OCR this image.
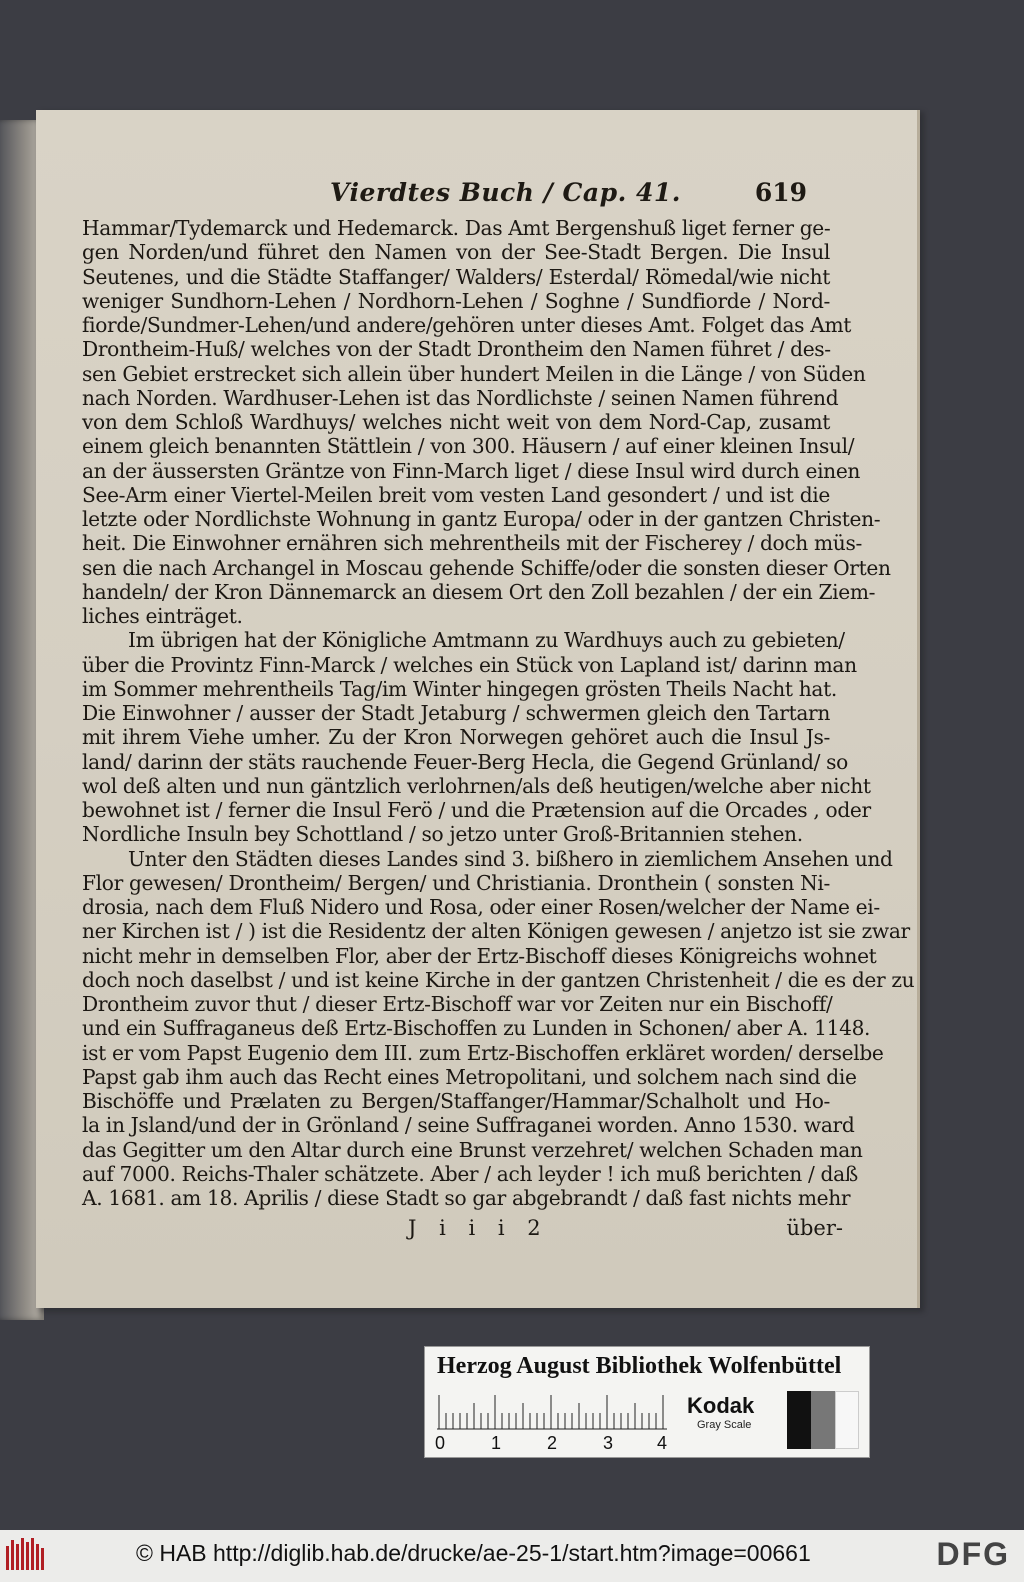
Vierdtes Buch / Cap. 41.	619
Hammar/Tydemarck und Hedemarck. Das Amt Bergenshuß liget ferner ge-
gen Norden/und führet den Namen von der See-Stadt Bergen. Die Insul
Seutenes, und die Städte Staffanger/ Walders/ Esterdal/ Römedal/wie nicht
weniger Sundhorn-Lehen / Nordhorn-Lehen / Soghne / Sundfiorde / Nord-
fiorde/Sundmer-Lehen/und andere/gehören unter dieses Amt. Folget das Amt
Drontheim-Huß/ welches von der Stadt Drontheim den Namen führet / des-
sen Gebiet erstrecket sich allein über hundert Meilen in die Länge / von Süden
nach Norden. Wardhuser-Lehen ist das Nordlichste / seinen Namen führend
von dem Schloß Wardhuys/ welches nicht weit von dem Nord-Cap, zusamt
einem gleich benannten Stättlein / von 300. Häusern / auf einer kleinen Insul/
an der äussersten Gräntze von Finn-March liget / diese Insul wird durch einen
See-Arm einer Viertel-Meilen breit vom vesten Land gesondert / und ist die
letzte oder Nordlichste Wohnung in gantz Europa/ oder in der gantzen Christen-
heit. Die Einwohner ernähren sich mehrentheils mit der Fischerey / doch müs-
sen die nach Archangel in Moscau gehende Schiffe/oder die sonsten dieser Orten
handeln/ der Kron Dännemarck an diesem Ort den Zoll bezahlen / der ein Ziem-
liches einträget.
Im übrigen hat der Königliche Amtmann zu Wardhuys auch zu gebieten/
über die Provintz Finn-Marck / welches ein Stück von Lapland ist/ darinn man
im Sommer mehrentheils Tag/im Winter hingegen grösten Theils Nacht hat.
Die Einwohner / ausser der Stadt Jetaburg / schwermen gleich den Tartarn
mit ihrem Viehe umher. Zu der Kron Norwegen gehöret auch die Insul Js-
land/ darinn der stäts rauchende Feuer-Berg Hecla, die Gegend Grünland/ so
wol deß alten und nun gäntzlich verlohrnen/als deß heutigen/welche aber nicht
bewohnet ist / ferner die Insul Ferö / und die Prætension auf die Orcades , oder
Nordliche Insuln bey Schottland / so jetzo unter Groß-Britannien stehen.
Unter den Städten dieses Landes sind 3. bißhero in ziemlichem Ansehen und
Flor gewesen/ Drontheim/ Bergen/ und Christiania. Dronthein ( sonsten Ni-
drosia, nach dem Fluß Nidero und Rosa, oder einer Rosen/welcher der Name ei-
ner Kirchen ist / ) ist die Residentz der alten Königen gewesen / anjetzo ist sie zwar
nicht mehr in demselben Flor, aber der Ertz-Bischoff dieses Königreichs wohnet
doch noch daselbst / und ist keine Kirche in der gantzen Christenheit / die es der zu
Drontheim zuvor thut / dieser Ertz-Bischoff war vor Zeiten nur ein Bischoff/
und ein Suffraganeus deß Ertz-Bischoffen zu Lunden in Schonen/ aber A. 1148.
ist er vom Papst Eugenio dem III. zum Ertz-Bischoffen erkläret worden/ derselbe
Papst gab ihm auch das Recht eines Metropolitani, und solchem nach sind die
Bischöffe und Prælaten zu Bergen/Staffanger/Hammar/Schalholt und Ho-
la in Jsland/und der in Grönland / seine Suffraganei worden. Anno 1530. ward
das Gegitter um den Altar durch eine Brunst verzehret/ welchen Schaden man
auf 7000. Reichs-Thaler schätzete. Aber / ach leyder ! ich muß berichten / daß
A. 1681. am 18. Aprilis / diese Stadt so gar abgebrandt / daß fast nichts mehr
J i i i 2	über-
Herzog August Bibliothek Wolfenbüttel
0	1	2	3 4
Kodak
Gray Scale
© HAB http://diglib.hab.de/drucke/ae-25-1/start.htm?image=00661	DFG
